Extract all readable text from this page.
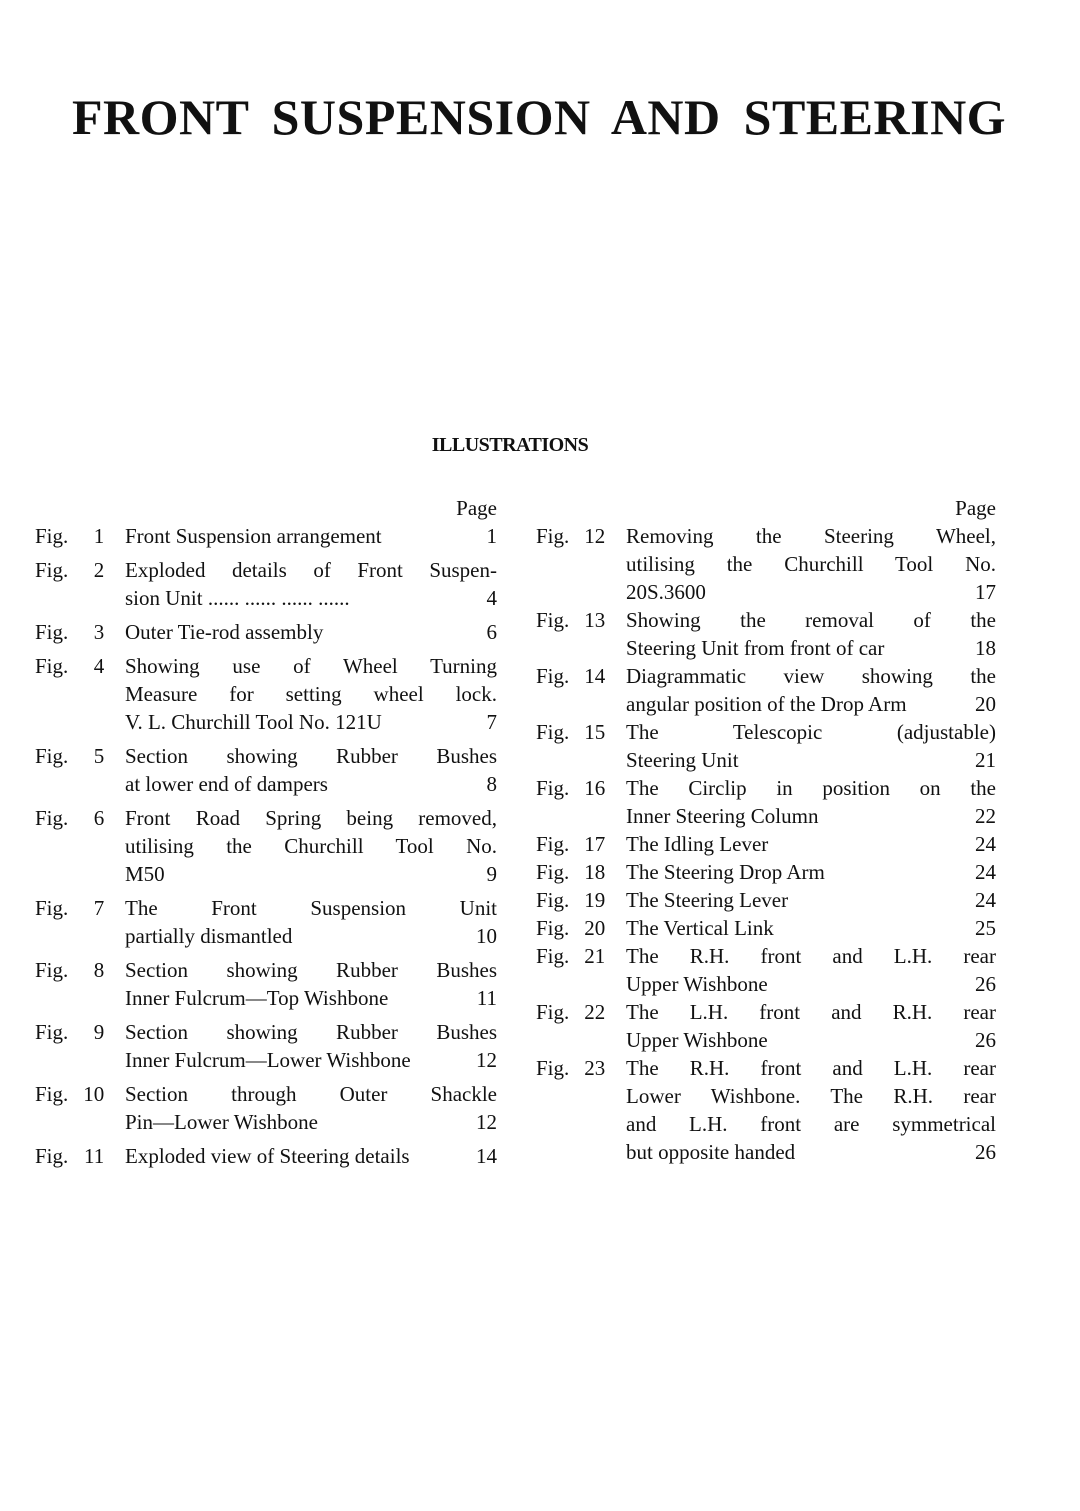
FRONT SUSPENSION AND STEERING
ILLUSTRATIONS
Page
Fig. 1 Front Suspension arrangement	1
Fig. 2 Exploded details of Front Suspen-
sion Unit ...... ...... ...... ......	4
Fig. 3 Outer Tie-rod assembly	6
Fig. 4 Showing use of Wheel Turning
Measure for setting wheel lock.
V. L. Churchill Tool No. 121U	7
Fig. 5 Section showing Rubber Bushes
at lower end of dampers	8
Fig. 6 Front Road Spring being removed,
utilising the Churchill Tool No.
M50	9
Fig. 7 The Front Suspension Unit
partially dismantled	10
Fig. 8 Section showing Rubber Bushes
Inner Fulcrum—Top Wishbone	11
Fig. 9 Section showing Rubber Bushes
Inner Fulcrum—Lower Wishbone	12
Fig. 10 Section through Outer Shackle
Pin—Lower Wishbone	12
Fig. 11 Exploded view of Steering details	14
Page
Fig. 12 Removing the Steering Wheel,
utilising the Churchill Tool No.
20S.3600	17
Fig. 13 Showing the removal of the
Steering Unit from front of car	18
Fig. 14 Diagrammatic view showing the
angular position of the Drop Arm	20
Fig. 15 The Telescopic (adjustable)
Steering Unit	21
Fig. 16 The Circlip in position on the
Inner Steering Column	22
Fig. 17 The Idling Lever	24
Fig. 18 The Steering Drop Arm	24
Fig. 19 The Steering Lever	24
Fig. 20 The Vertical Link	25
Fig. 21 The R.H. front and L.H. rear
Upper Wishbone	26
Fig. 22 The L.H. front and R.H. rear
Upper Wishbone	26
Fig. 23 The R.H. front and L.H. rear
Lower Wishbone. The R.H. rear
and L.H. front are symmetrical
but opposite handed	26
